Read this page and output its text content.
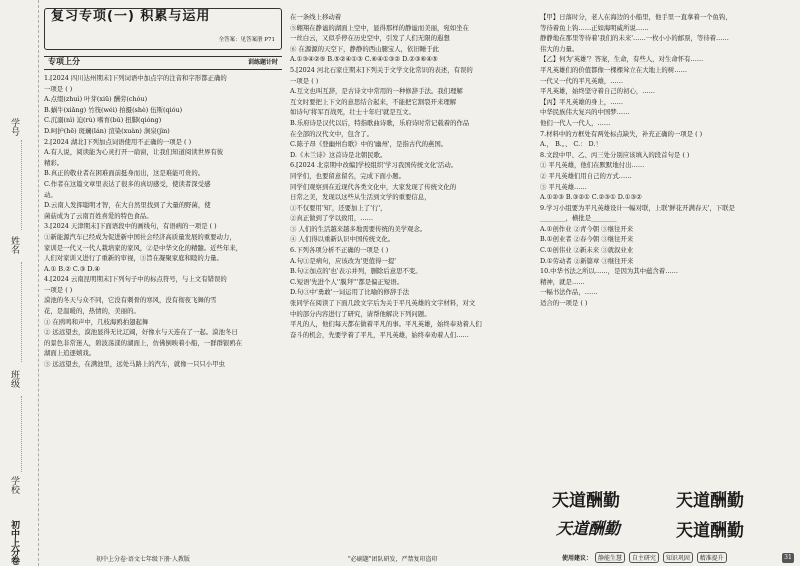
学号
姓名
班级
学校
初中上分卷
复习专项(一) 积累与运用
全答案：见答案册 P71
专项上分	训练题计时

1.[2024 四川达州期末]下列词语中加点字的注音和字形都正确的

一项是 ( )

A.点缀(zhuì) 叶芽(xiū) 酬劳(chóu)

B.蜗牛(xiǎng) 竹筏(wéi) 拍摄(shè) 伍斯(qióu)

C.沉溺(nì) 迫(rù) 嗜育(bǔ) 扭脚(qióng)

D.呵护(hē) 斑斓(lán) 渲染(xuàn) 涧泉(jìn)

2.[2024 湖北]下列加点词语使用不正确的一项是 ( )

A.有人说，阅读能为心灵打开一扇窗，让我们知道阅读世界有彼

精彩。

B.真正的敬业者在困难面前挺身而出，这是难能可贵的。

C.作者在这篇文章里表达了很多的真切感受，使读者深受感

动。

D.云南人发挥聪明才智，在大自然里找到了大量的野菌，使

菌菇成为了云南百姓喜爱的特色食品。

3.[2024 天津期末]下面语段中的画线句，有语病的一项是 ( )

①新能源汽车已经成为促进新中国社会经济高质量发展的重要动力，

家训是一代又一代人栽培家的家风，②是中华文化的精髓。近些年来，

人们对家训又进行了重新的审视，③旨在凝聚家庭和睦的力量。

A.① B.② C.③ D.④

4.[2024 云南昆明期末]下列句子中的标点符号，与上文有错误的

一项是 ( )

漠池的冬天与众不同，它没有刺骨的寒风，没有彻夜飞舞的雪

花，是温暖的，热情的，美丽的。

① 在鸥鸣和声中，几枝海鸥拍翅起舞

② 远远望去，漠池显得无比辽阔，好像水与天连在了一起。漠池冬日

的景色非常迷人，碧波荡漾的湖面上，仿佛倒映着小船，一群群银鸥在

湖面上追逐嬉戏。

③ 远远望去，在满池里，远处马路上的汽车，就像一只只小甲虫

初中上分卷·语文七年级下册·人教版

在一条线上移动着

⑤翱翔在静谧的湖面上空中，显得那样的静谧而美丽，宛如坐在

一丝白云，又似乎停在历史空中，引发了人们无限的遐想

⑥ 在源源的天空下，静静的西山腿宝人，依旧睡于此

A.①③④②⑤ B.⑤②④①③ C.⑥④①③② D.②③⑥④⑤

5.[2024 河北石家庄期末]下列关于文学文化常识的表述，有误的

一项是 ( )

A.互文也叫互辞，是古诗文中常用的一种修辞手法。我们理解

互文时要把上下文的意思结合起来，不能把它割裂开来理解

如诗句'将军百战死，壮士十年归'就是互文。

B.乐府诗是汉代以后，特指歌曲诗歌，乐府诗时常记载着的作品

在全部的汉代文中，包含了。

C.陈子昂《登幽州台歌》中的'幽州'，是指古代的燕国。

D.《木兰诗》这首诗是北朝民歌。

6.[2024 北京期中改编]学校组织'学习我国传统文化'活动。

同学们，也要留意留名，完成下面小题。

同学们观察到在近现代各类文化中，大家发现了传统文化的

日常之美，发现以这些从生活到文学的重要信息，

①不仅要用'知'，还要加上了'行'，

②真正做到了学以致用，……

③ 人们的生活越来越多地需要传统的美学观念。

④ 人们得以重新认识中国传统文化。

6.下列各项分析不正确的一项是 ( )

A.句①是病句，应该改为'更值得一提'

B.句②加点的'也'表示并列，删除后意思不变。

C.短语'先进个人''膜拜'''都是偏正短语。

D.句③中'勇敢'一词运用了比喻的修辞手法

张同学在阅读了下面几段文字后为关于平凡英雄的文字材料，对文

中的部分内容进行了研究，请帮他解决下列问题。

平凡的人，他们每天都在做着平凡的事。平凡英雄，始终奉劝着人们

奋斗的机会，先要学着了平凡，平凡英雄，始终奉劝着人们……

"必刷题"团队研发，严禁复印盗印

【甲】日落时分，老人在海边的小船里，他手里一直拿着一个鱼钩，

等待着鱼上钩……正如海明威所说……

静静地在那里等待着'我们的未来'……一枚小小的邮票，等待着……

伟大的力量。

【乙】何为'英雄'？答案，生命，有些人，对生命怀有……

平凡英雄们的价值都像一棵棵耸立在大地上的树……

一代又一代的平凡英雄，……

平凡英雄，始终坚守着自己的初心，……

【丙】平凡英雄的身上，……

中华民族伟大复兴的中国梦……

他们一代人一代人，……

7.材料中的方框处有两处标点缺失，补充正确的一项是 ( )

A.， B.。、 C.： D.！

8.文段中甲、乙、丙三处分别应该填入的段首句是 ( )

① 平凡英雄，他们在默默地付出……

② 平凡英雄们用自己的方式……

③ 平凡英雄……

A.①②③ B.③②① C.②③① D.①③②

9.学习小组要为平凡英雄设计一幅对联，上联'鲜花开满春天'，下联是

________，横批是________

A.①创作业 ②青今朝 ③继往开来

B.①创业者 ②春今朝 ③继往开来

C.①创伟业 ②新未来 ③就叙业业

D.①劳动者 ②新篇章 ③继往开来

10.中华书法之所以……，是因为其中蕴含着……

精神，就是……

一幅书法作品，……

适合的一项是 ( )

天道酬勤	天道酬勤
天道酬勤	天道酬勤
使用建议： 静能生慧 自主研究 知识巩固 精准提升	31
